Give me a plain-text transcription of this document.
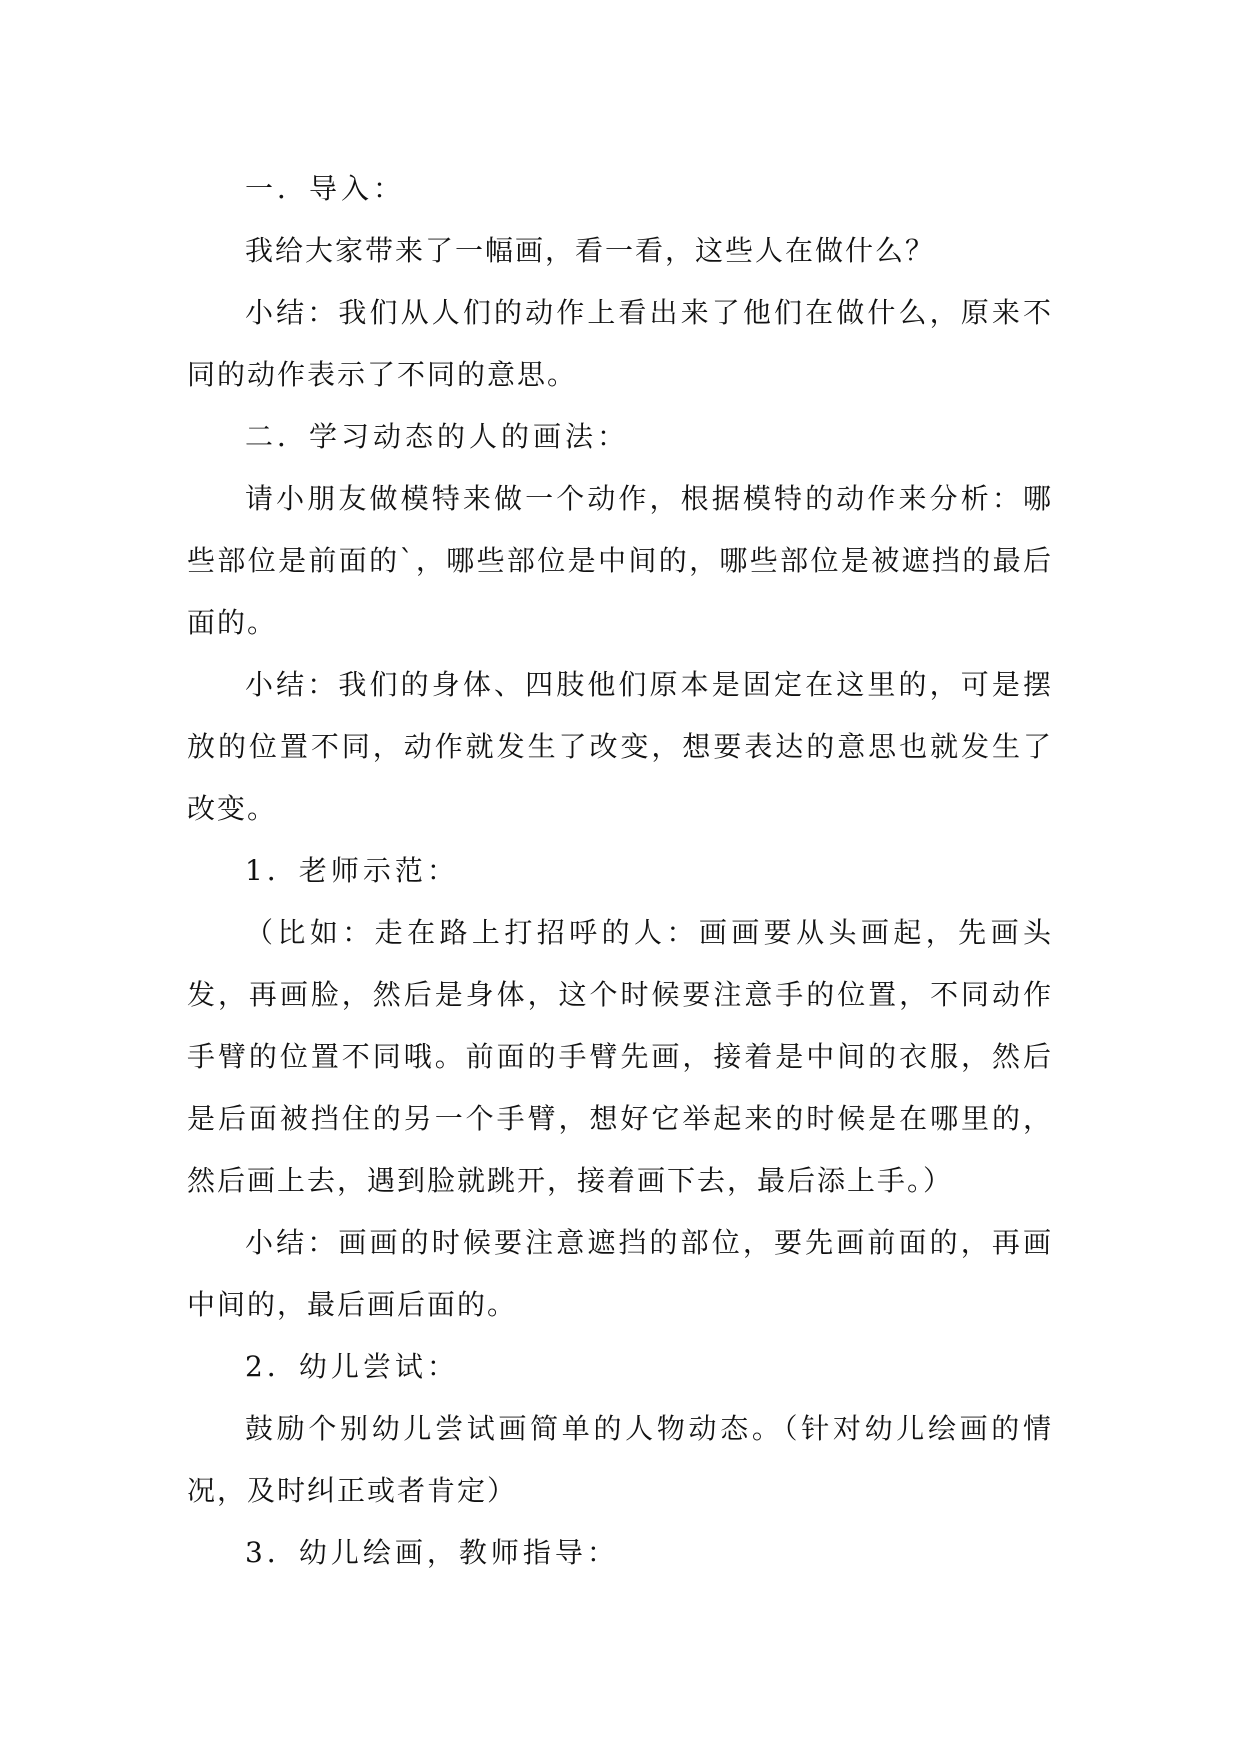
一．导入：

我给大家带来了一幅画，看一看，这些人在做什么？

小结：我们从人们的动作上看出来了他们在做什么，原来不同的动作表示了不同的意思。

二．学习动态的人的画法：

请小朋友做模特来做一个动作，根据模特的动作来分析：哪些部位是前面的`，哪些部位是中间的，哪些部位是被遮挡的最后面的。

小结：我们的身体、四肢他们原本是固定在这里的，可是摆放的位置不同，动作就发生了改变，想要表达的意思也就发生了改变。

1．老师示范：

（比如：走在路上打招呼的人：画画要从头画起，先画头发，再画脸，然后是身体，这个时候要注意手的位置，不同动作手臂的位置不同哦。前面的手臂先画，接着是中间的衣服，然后是后面被挡住的另一个手臂，想好它举起来的时候是在哪里的，然后画上去，遇到脸就跳开，接着画下去，最后添上手。）

小结：画画的时候要注意遮挡的部位，要先画前面的，再画中间的，最后画后面的。

2．幼儿尝试：

鼓励个别幼儿尝试画简单的人物动态。（针对幼儿绘画的情况，及时纠正或者肯定）

3．幼儿绘画，教师指导：
